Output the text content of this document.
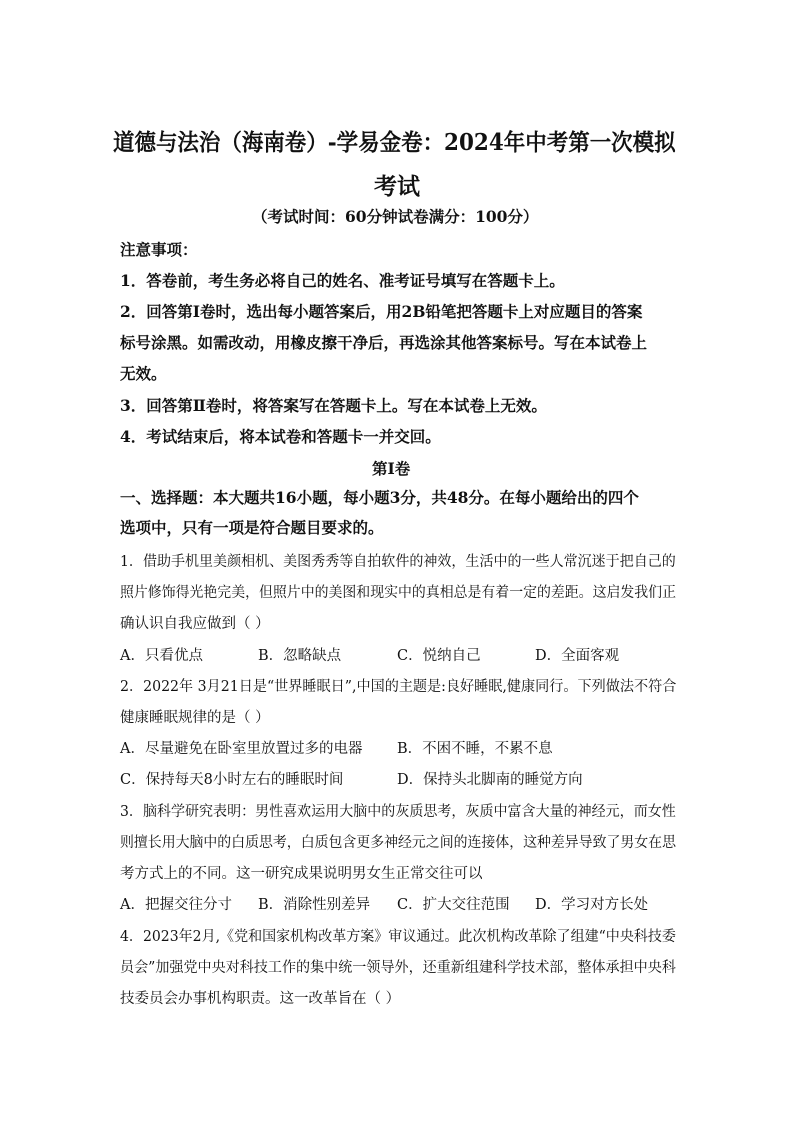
道德与法治（海南卷）-学易金卷：2024年中考第一次模拟
考试
（考试时间：60分钟试卷满分：100分）
注意事项：
1．答卷前，考生务必将自己的姓名、准考证号填写在答题卡上。
2．回答第Ⅰ卷时，选出每小题答案后，用2B铅笔把答题卡上对应题目的答案
标号涂黑。如需改动，用橡皮擦干净后，再选涂其他答案标号。写在本试卷上
无效。
3．回答第Ⅱ卷时，将答案写在答题卡上。写在本试卷上无效。
4．考试结束后，将本试卷和答题卡一并交回。
第Ⅰ卷
一、选择题：本大题共16小题，每小题3分，共48分。在每小题给出的四个
选项中，只有一项是符合题目要求的。
1．借助手机里美颜相机、美图秀秀等自拍软件的神效，生活中的一些人常沉迷于把自己的
照片修饰得光艳完美，但照片中的美图和现实中的真相总是有着一定的差距。这启发我们正
确认识自我应做到（ ）
A．只看优点	B．忽略缺点	C．悦纳自己	D．全面客观
2．2022年 3月21日是“世界睡眠日”,中国的主题是:良好睡眠,健康同行。下列做法不符合
健康睡眠规律的是（ ）
A．尽量避免在卧室里放置过多的电器 B．不困不睡，不累不息
C．保持每天8小时左右的睡眠时间	D．保持头北脚南的睡觉方向
3．脑科学研究表明：男性喜欢运用大脑中的灰质思考，灰质中富含大量的神经元，而女性
则擅长用大脑中的白质思考，白质包含更多神经元之间的连接体，这种差异导致了男女在思
考方式上的不同。这一研究成果说明男女生正常交往可以
A．把握交往分寸 B．消除性别差异 C．扩大交往范围 D．学习对方长处
4．2023年2月,《党和国家机构改革方案》审议通过。此次机构改革除了组建“中央科技委
员会”加强党中央对科技工作的集中统一领导外，还重新组建科学技术部，整体承担中央科
技委员会办事机构职责。这一改革旨在（ ）
